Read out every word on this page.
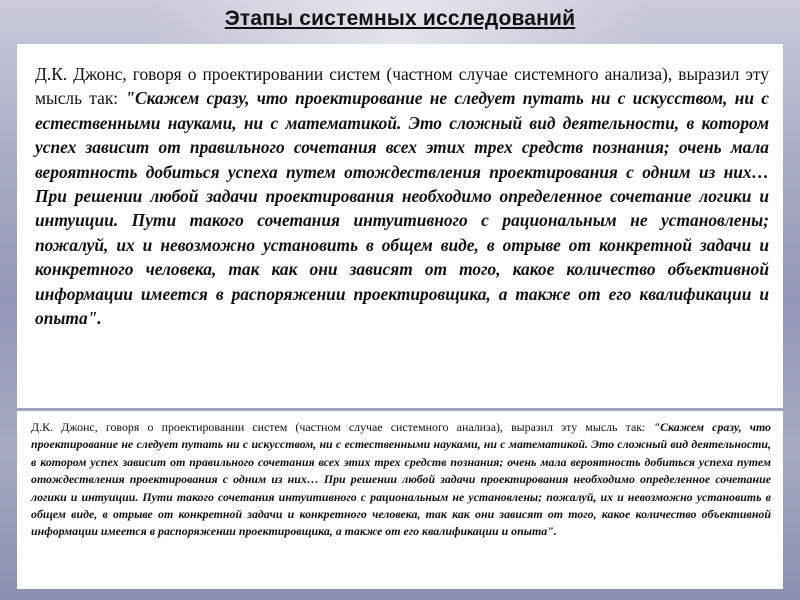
Этапы системных исследований
Д.К. Джонс, говоря о проектировании систем (частном случае системного анализа), выразил эту мысль так: "Скажем сразу, что проектирование не следует путать ни с искусством, ни с естественными науками, ни с математикой. Это сложный вид деятельности, в котором успех зависит от правильного сочетания всех этих трех средств познания; очень мала вероятность добиться успеха путем отождествления проектирования с одним из них… При решении любой задачи проектирования необходимо определенное сочетание логики и интуиции. Пути такого сочетания интуитивного с рациональным не установлены; пожалуй, их и невозможно установить в общем виде, в отрыве от конкретной задачи и конкретного человека, так как они зависят от того, какое количество объективной информации имеется в распоряжении проектировщика, а также от его квалификации и опыта".
Д.К. Джонс, говоря о проектировании систем (частном случае системного анализа), выразил эту мысль так: "Скажем сразу, что проектирование не следует путать ни с искусством, ни с естественными науками, ни с математикой. Это сложный вид деятельности, в котором успех зависит от правильного сочетания всех этих трех средств познания; очень мала вероятность добиться успеха путем отождествления проектирования с одним из них… При решении любой задачи проектирования необходимо определенное сочетание логики и интуиции. Пути такого сочетания интуитивного с рациональным не установлены; пожалуй, их и невозможно установить в общем виде, в отрыве от конкретной задачи и конкретного человека, так как они зависят от того, какое количество объективной информации имеется в распоряжении проектировщика, а также от его квалификации и опыта".
